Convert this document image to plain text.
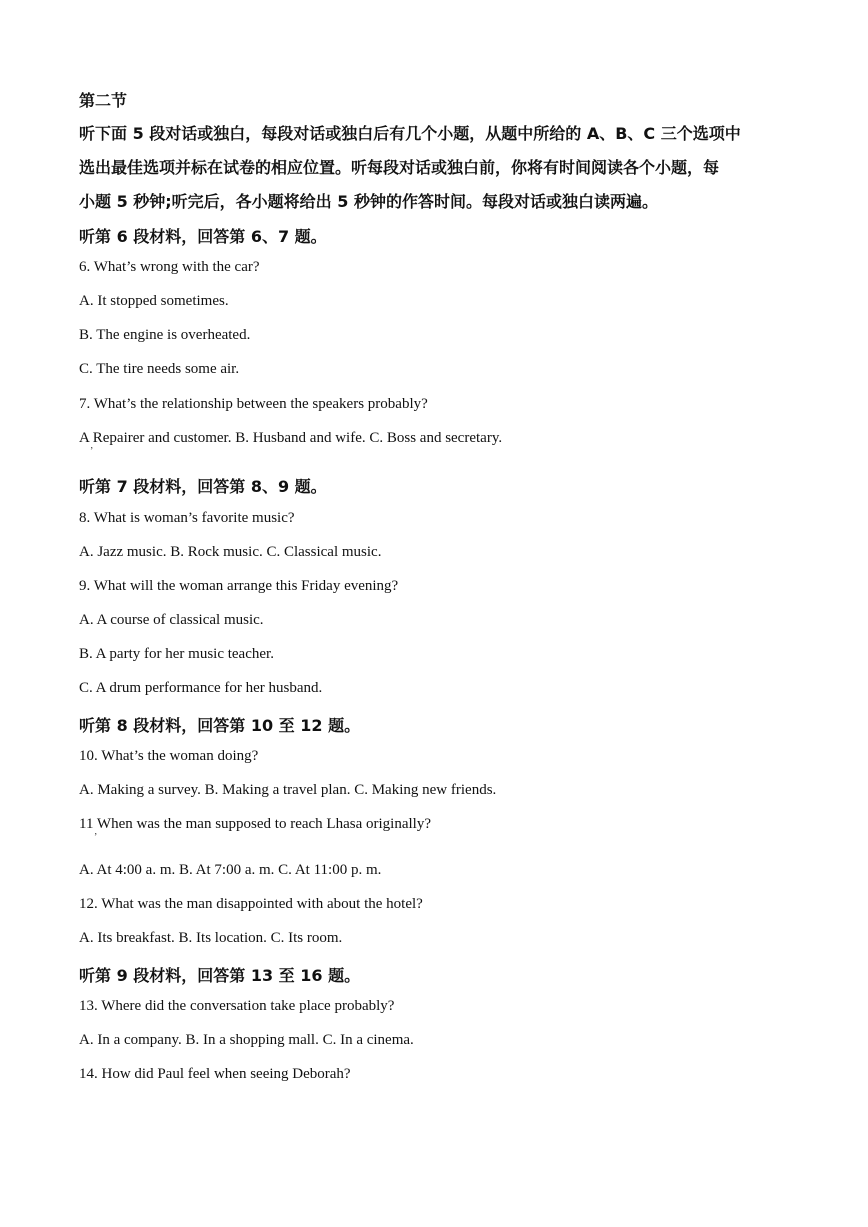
第二节

听下面 5 段对话或独白，每段对话或独白后有几个小题，从题中所给的 A、B、C 三个选项中

选出最佳选项并标在试卷的相应位置。听每段对话或独白前，你将有时间阅读各个小题，每

小题 5 秒钟;听完后，各小题将给出 5 秒钟的作答时间。每段对话或独白读两遍。

听第 6 段材料，回答第 6、7 题。

6. What’s wrong with the car?

A. It stopped sometimes.

B. The engine is overheated.

C. The tire needs some air.

7. What’s the relationship between the speakers probably?

A Repairer and customer. B. Husband and wife. C. Boss and secretary.

’

听第 7 段材料，回答第 8、9 题。

8. What is woman’s favorite music?

A. Jazz music. B. Rock music. C. Classical music.

9. What will the woman arrange this Friday evening?

A. A course of classical music.

B. A party for her music teacher.

C. A drum performance for her husband.

听第 8 段材料，回答第 10 至 12 题。

10. What’s the woman doing?

A. Making a survey. B. Making a travel plan. C. Making new friends.

11 When was the man supposed to reach Lhasa originally?

’

A. At 4:00 a. m. B. At 7:00 a. m. C. At 11:00 p. m.

12. What was the man disappointed with about the hotel?

A. Its breakfast. B. Its location. C. Its room.

听第 9 段材料，回答第 13 至 16 题。

13. Where did the conversation take place probably?

A. In a company. B. In a shopping mall. C. In a cinema.

14. How did Paul feel when seeing Deborah?
